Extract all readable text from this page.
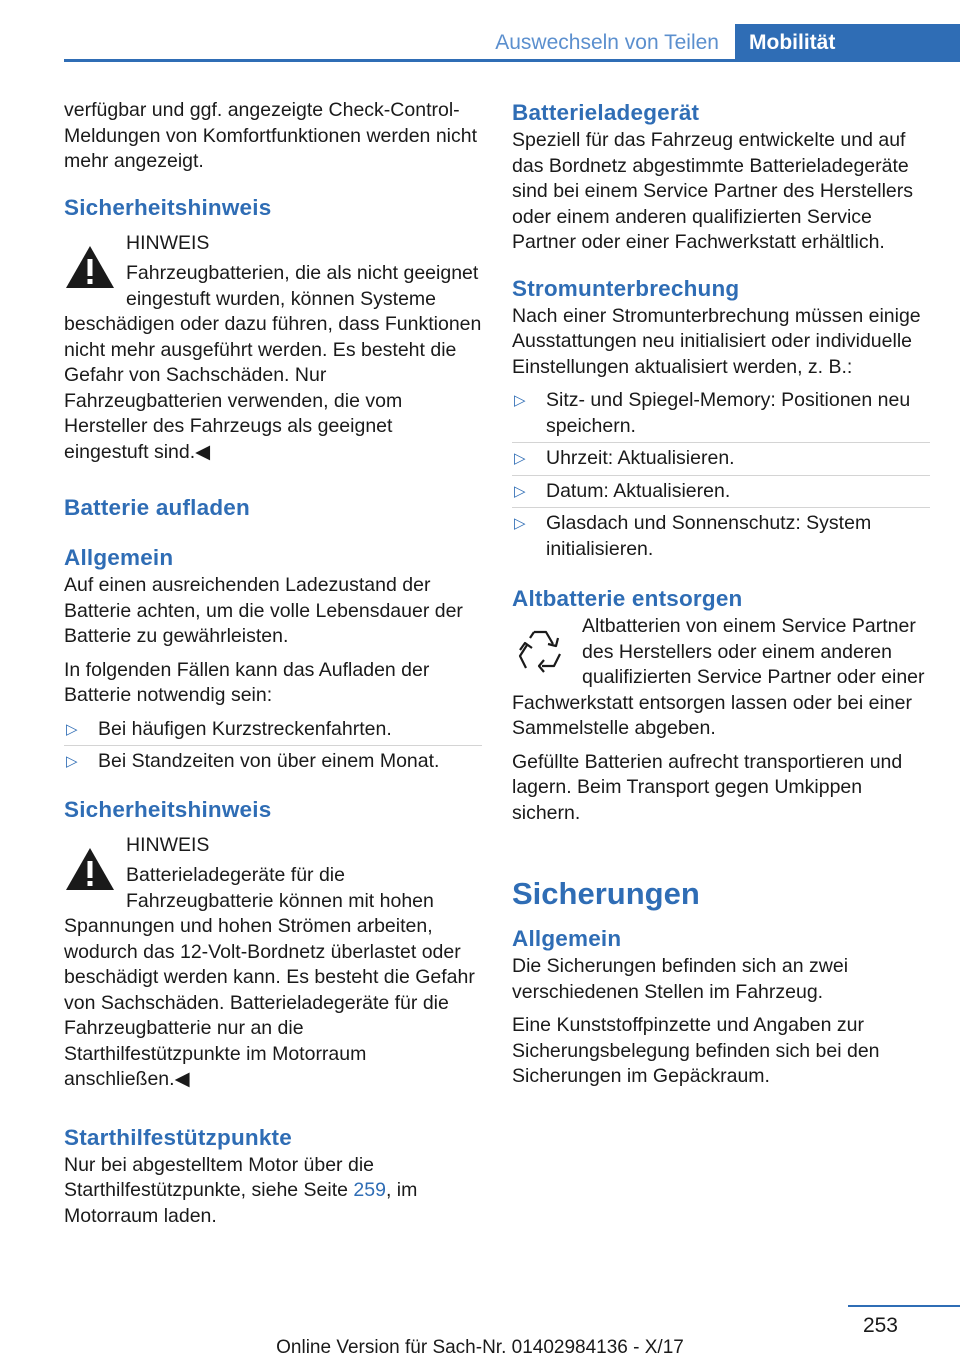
Auswechseln von Teilen	Mobilität

verfügbar und ggf. angezeigte Check-Control-Meldungen von Komfortfunktionen werden nicht mehr angezeigt.

Sicherheitshinweis

HINWEIS
Fahrzeugbatterien, die als nicht geeignet eingestuft wurden, können Systeme beschädigen oder dazu führen, dass Funktionen nicht mehr ausgeführt werden. Es besteht die Gefahr von Sachschäden. Nur Fahrzeugbatterien verwenden, die vom Hersteller des Fahrzeugs als geeignet eingestuft sind.◀

Batterie aufladen
Allgemein

Auf einen ausreichenden Ladezustand der Batterie achten, um die volle Lebensdauer der Batterie zu gewährleisten.

In folgenden Fällen kann das Aufladen der Batterie notwendig sein:

▷ Bei häufigen Kurzstreckenfahrten.
▷ Bei Standzeiten von über einem Monat.
Sicherheitshinweis

HINWEIS
Batterieladegeräte für die Fahrzeugbatterie können mit hohen Spannungen und hohen Strömen arbeiten, wodurch das 12-Volt-Bordnetz überlastet oder beschädigt werden kann. Es besteht die Gefahr von Sachschäden. Batterieladegeräte für die Fahrzeugbatterie nur an die Starthilfestützpunkte im Motorraum anschließen.◀

Starthilfestützpunkte

Nur bei abgestelltem Motor über die Starthilfestützpunkte, siehe Seite 259, im Motorraum laden.

Batterieladegerät

Speziell für das Fahrzeug entwickelte und auf das Bordnetz abgestimmte Batterieladegeräte sind bei einem Service Partner des Herstellers oder einem anderen qualifizierten Service Partner oder einer Fachwerkstatt erhältlich.

Stromunterbrechung

Nach einer Stromunterbrechung müssen einige Ausstattungen neu initialisiert oder individuelle Einstellungen aktualisiert werden, z. B.:

▷ Sitz- und Spiegel-Memory: Positionen neu speichern.
▷ Uhrzeit: Aktualisieren.
▷ Datum: Aktualisieren.
▷ Glasdach und Sonnenschutz: System initialisieren.
Altbatterie entsorgen

Altbatterien von einem Service Partner des Herstellers oder einem anderen qualifizierten Service Partner oder einer Fachwerkstatt entsorgen lassen oder bei einer Sammelstelle abgeben.

Gefüllte Batterien aufrecht transportieren und lagern. Beim Transport gegen Umkippen sichern.

Sicherungen
Allgemein

Die Sicherungen befinden sich an zwei verschiedenen Stellen im Fahrzeug.

Eine Kunststoffpinzette und Angaben zur Sicherungsbelegung befinden sich bei den Sicherungen im Gepäckraum.

253
Online Version für Sach-Nr. 01402984136 - X/17
